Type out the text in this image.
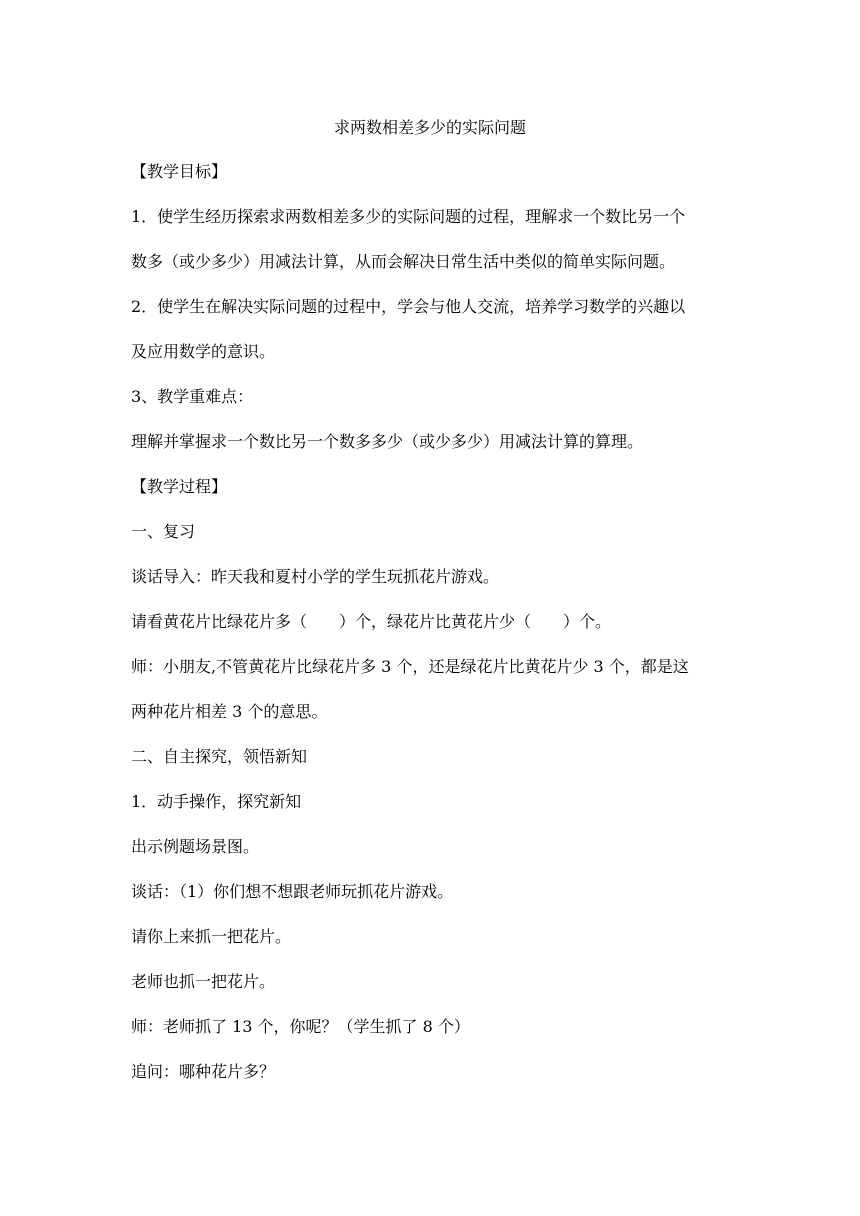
求两数相差多少的实际问题
【教学目标】
1．使学生经历探索求两数相差多少的实际问题的过程，理解求一个数比另一个
数多（或少多少）用减法计算，从而会解决日常生活中类似的简单实际问题。
2．使学生在解决实际问题的过程中，学会与他人交流，培养学习数学的兴趣以
及应用数学的意识。
3、教学重难点：
理解并掌握求一个数比另一个数多多少（或少多少）用减法计算的算理。
【教学过程】
一、复习
谈话导入：昨天我和夏村小学的学生玩抓花片游戏。
请看黄花片比绿花片多（　　）个，绿花片比黄花片少（　　）个。
师：小朋友,不管黄花片比绿花片多 3 个，还是绿花片比黄花片少 3 个，都是这
两种花片相差 3 个的意思。
二、自主探究，领悟新知
1．动手操作，探究新知
出示例题场景图。
谈话：（1）你们想不想跟老师玩抓花片游戏。
请你上来抓一把花片。
老师也抓一把花片。
师：老师抓了 13 个，你呢？（学生抓了 8 个）
追问：哪种花片多？
